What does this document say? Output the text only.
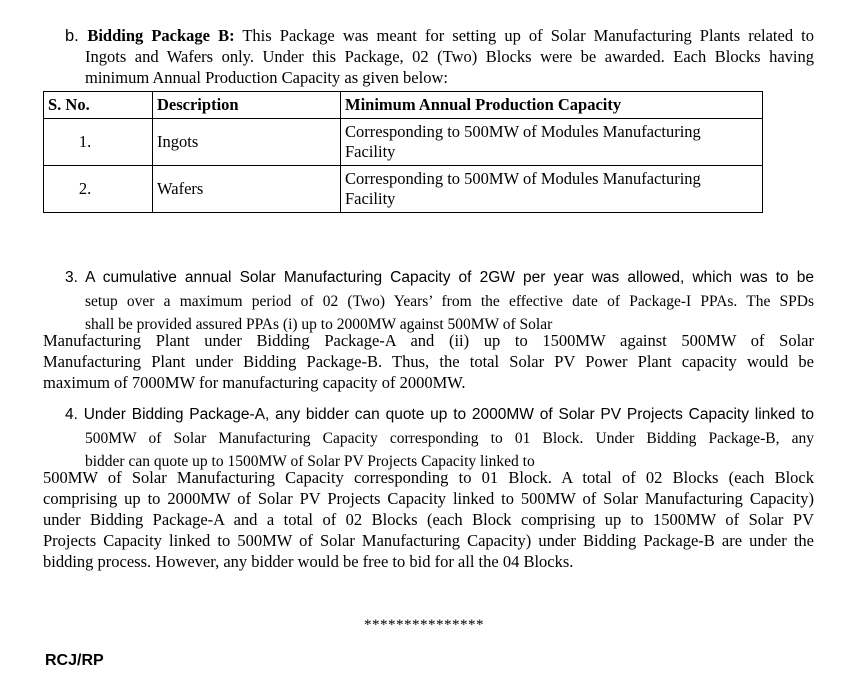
b. Bidding Package B: This Package was meant for setting up of Solar Manufacturing Plants related to
Ingots and Wafers only. Under this Package, 02 (Two) Blocks were be awarded. Each Blocks having
minimum Annual Production Capacity as given below:
S. No.	Description	Minimum Annual Production Capacity
1.	Ingots	Corresponding to 500MW of Modules Manufacturing
Facility

2.	Wafers	Corresponding to 500MW of Modules Manufacturing
Facility
3. A cumulative annual Solar Manufacturing Capacity of 2GW per year was allowed, which was to be
setup over a maximum period of 02 (Two) Years’ from the effective date of Package-I PPAs. The SPDs
shall be provided assured PPAs (i) up to 2000MW against 500MW of Solar
Manufacturing Plant under Bidding Package-A and (ii) up to 1500MW against 500MW of Solar
Manufacturing Plant under Bidding Package-B. Thus, the total Solar PV Power Plant capacity would be
maximum of 7000MW for manufacturing capacity of 2000MW.
4. Under Bidding Package-A, any bidder can quote up to 2000MW of Solar PV Projects Capacity linked to
500MW of Solar Manufacturing Capacity corresponding to 01 Block. Under Bidding Package-B, any
bidder can quote up to 1500MW of Solar PV Projects Capacity linked to
500MW of Solar Manufacturing Capacity corresponding to 01 Block. A total of 02 Blocks (each Block
comprising up to 2000MW of Solar PV Projects Capacity linked to 500MW of Solar Manufacturing Capacity)
under Bidding Package-A and a total of 02 Blocks (each Block comprising up to 1500MW of Solar PV
Projects Capacity linked to 500MW of Solar Manufacturing Capacity) under Bidding Package-B are under the
bidding process. However, any bidder would be free to bid for all the 04 Blocks.
***************
RCJ/RP
